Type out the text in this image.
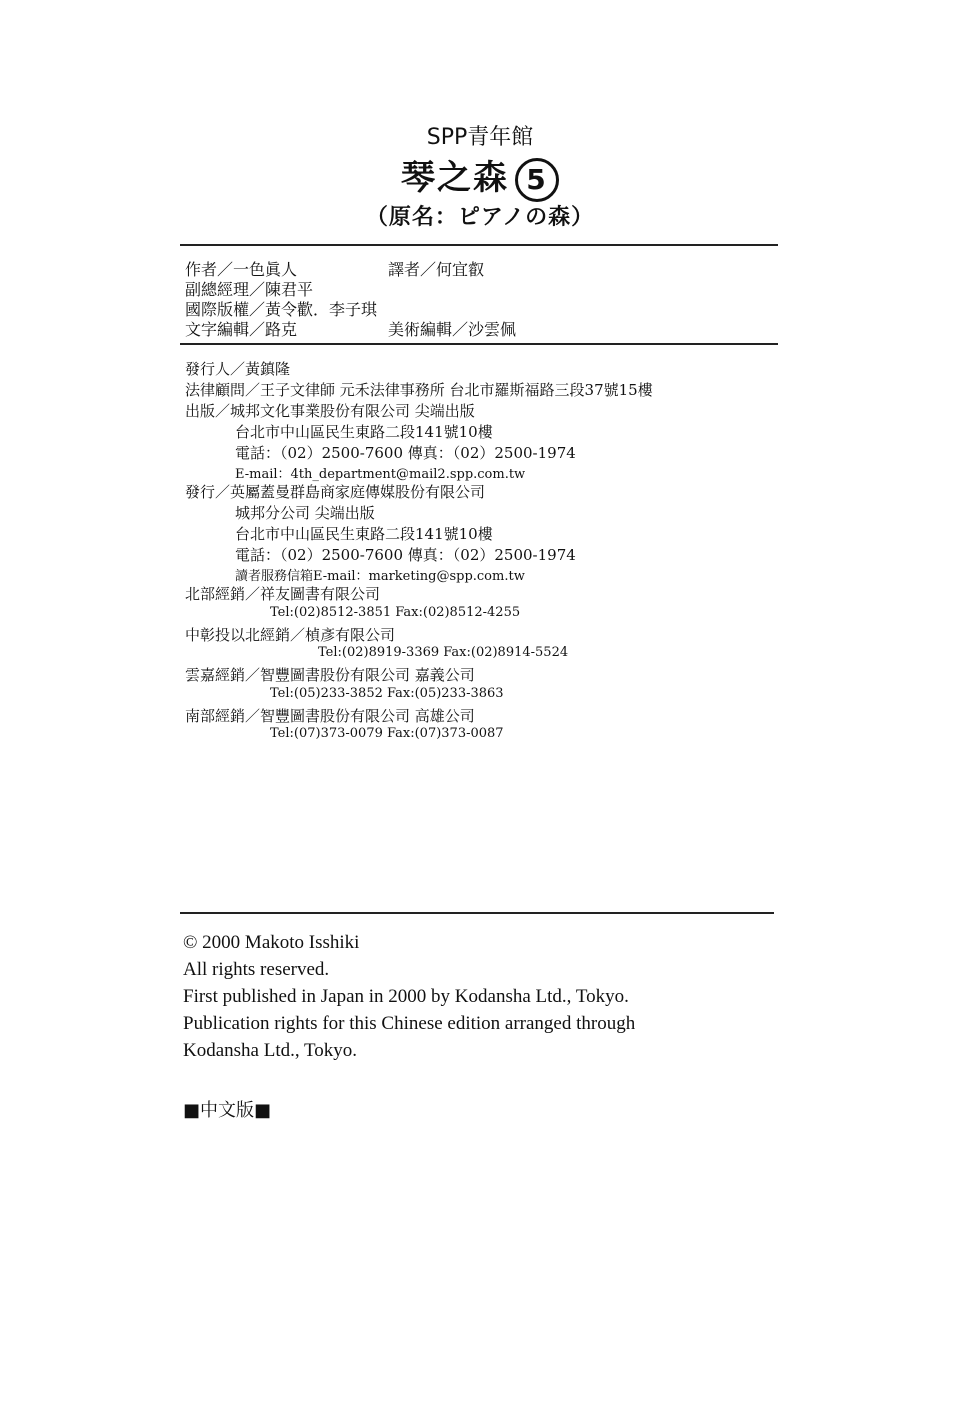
SPP青年館
琴之森 5
（原名：ピアノの森）
作者／一色眞人	譯者／何宜叡
副總經理／陳君平
國際版權／黃令歡．李子琪
文字編輯／路克	美術編輯／沙雲佩
發行人／黃鎮隆
法律顧問／王子文律師 元禾法律事務所 台北市羅斯福路三段37號15樓
出版／城邦文化事業股份有限公司 尖端出版
台北市中山區民生東路二段141號10樓
電話：（02）2500-7600 傳真：（02）2500-1974
E-mail：4th_department@mail2.spp.com.tw
發行／英屬蓋曼群島商家庭傳媒股份有限公司
城邦分公司 尖端出版
台北市中山區民生東路二段141號10樓
電話：（02）2500-7600 傳真：（02）2500-1974
讀者服務信箱E-mail：marketing@spp.com.tw
北部經銷／祥友圖書有限公司
Tel:(02)8512-3851 Fax:(02)8512-4255
中彰投以北經銷／楨彥有限公司
Tel:(02)8919-3369 Fax:(02)8914-5524
雲嘉經銷／智豐圖書股份有限公司 嘉義公司
Tel:(05)233-3852 Fax:(05)233-3863
南部經銷／智豐圖書股份有限公司 高雄公司
Tel:(07)373-0079 Fax:(07)373-0087
© 2000 Makoto Isshiki
All rights reserved.
First published in Japan in 2000 by Kodansha Ltd., Tokyo.
Publication rights for this Chinese edition arranged through
Kodansha Ltd., Tokyo.
■中文版■
